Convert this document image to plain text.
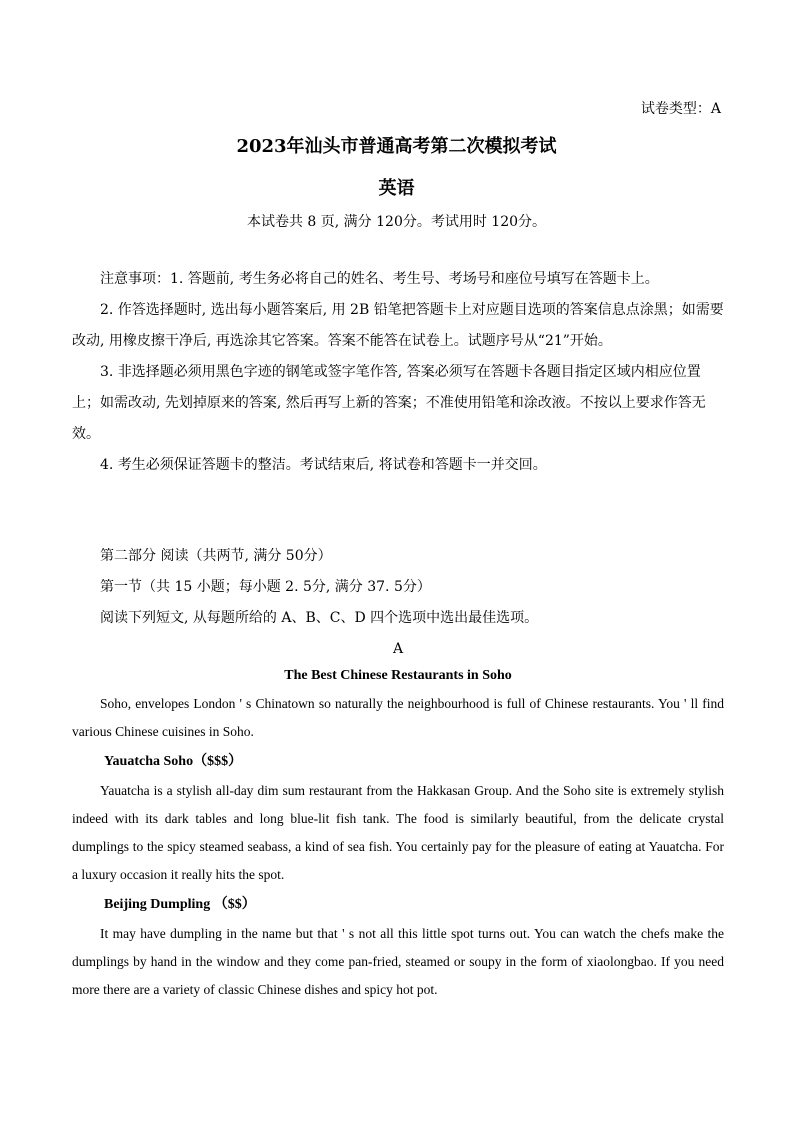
试卷类型：A
2023年汕头市普通高考第二次模拟考试
英语
本试卷共 8 页, 满分 120分。考试用时 120分。

注意事项：1. 答题前, 考生务必将自己的姓名、考生号、考场号和座位号填写在答题卡上。

2. 作答选择题时, 选出每小题答案后, 用 2B 铅笔把答题卡上对应题目选项的答案信息点涂黑；如需要改动, 用橡皮擦干净后, 再选涂其它答案。答案不能答在试卷上。试题序号从“21”开始。

3. 非选择题必须用黑色字迹的钢笔或签字笔作答, 答案必须写在答题卡各题目指定区域内相应位置上；如需改动, 先划掉原来的答案, 然后再写上新的答案；不准使用铅笔和涂改液。不按以上要求作答无效。

4. 考生必须保证答题卡的整洁。考试结束后, 将试卷和答题卡一并交回。

第二部分 阅读（共两节, 满分 50分）

第一节（共 15 小题；每小题 2. 5分, 满分 37. 5分）

阅读下列短文, 从每题所给的 A、B、C、D 四个选项中选出最佳选项。

A

The Best Chinese Restaurants in Soho

Soho, envelopes London ' s Chinatown so naturally the neighbourhood is full of Chinese restaurants. You ' ll find various Chinese cuisines in Soho.

Yauatcha Soho（$$$）

Yauatcha is a stylish all-day dim sum restaurant from the Hakkasan Group. And the Soho site is extremely stylish indeed with its dark tables and long blue-lit fish tank. The food is similarly beautiful, from the delicate crystal dumplings to the spicy steamed seabass, a kind of sea fish. You certainly pay for the pleasure of eating at Yauatcha. For a luxury occasion it really hits the spot.

Beijing Dumpling （$$）

It may have dumpling in the name but that ' s not all this little spot turns out. You can watch the chefs make the dumplings by hand in the window and they come pan-fried, steamed or soupy in the form of xiaolongbao. If you need more there are a variety of classic Chinese dishes and spicy hot pot.
